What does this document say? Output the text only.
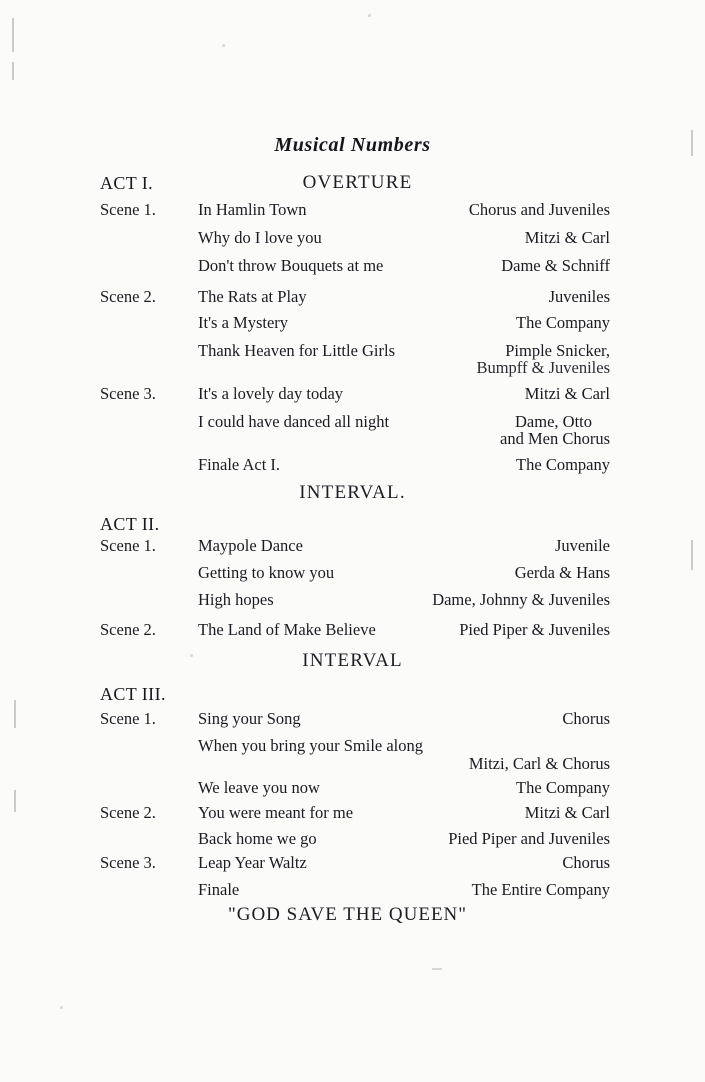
Musical Numbers
ACT I.	OVERTURE
Scene 1.	In Hamlin Town	Chorus and Juveniles
Why do I love you	Mitzi & Carl
Don't throw Bouquets at me	Dame & Schniff
Scene 2.	The Rats at Play	Juveniles
It's a Mystery	The Company
Thank Heaven for Little Girls	Pimple Snicker,
Bumpff & Juveniles
Scene 3.	It's a lovely day today	Mitzi & Carl
I could have danced all night	Dame, Otto
and Men Chorus
Finale Act I.	The Company
INTERVAL.
ACT II.
Scene 1.	Maypole Dance	Juvenile
Getting to know you	Gerda & Hans
High hopes	Dame, Johnny & Juveniles
Scene 2.	The Land of Make Believe	Pied Piper & Juveniles
INTERVAL
ACT III.
Scene 1.	Sing your Song	Chorus
When you bring your Smile along
Mitzi, Carl & Chorus
We leave you now	The Company
Scene 2.	You were meant for me	Mitzi & Carl
Back home we go	Pied Piper and Juveniles
Scene 3.	Leap Year Waltz	Chorus
Finale	The Entire Company
"GOD SAVE THE QUEEN"
